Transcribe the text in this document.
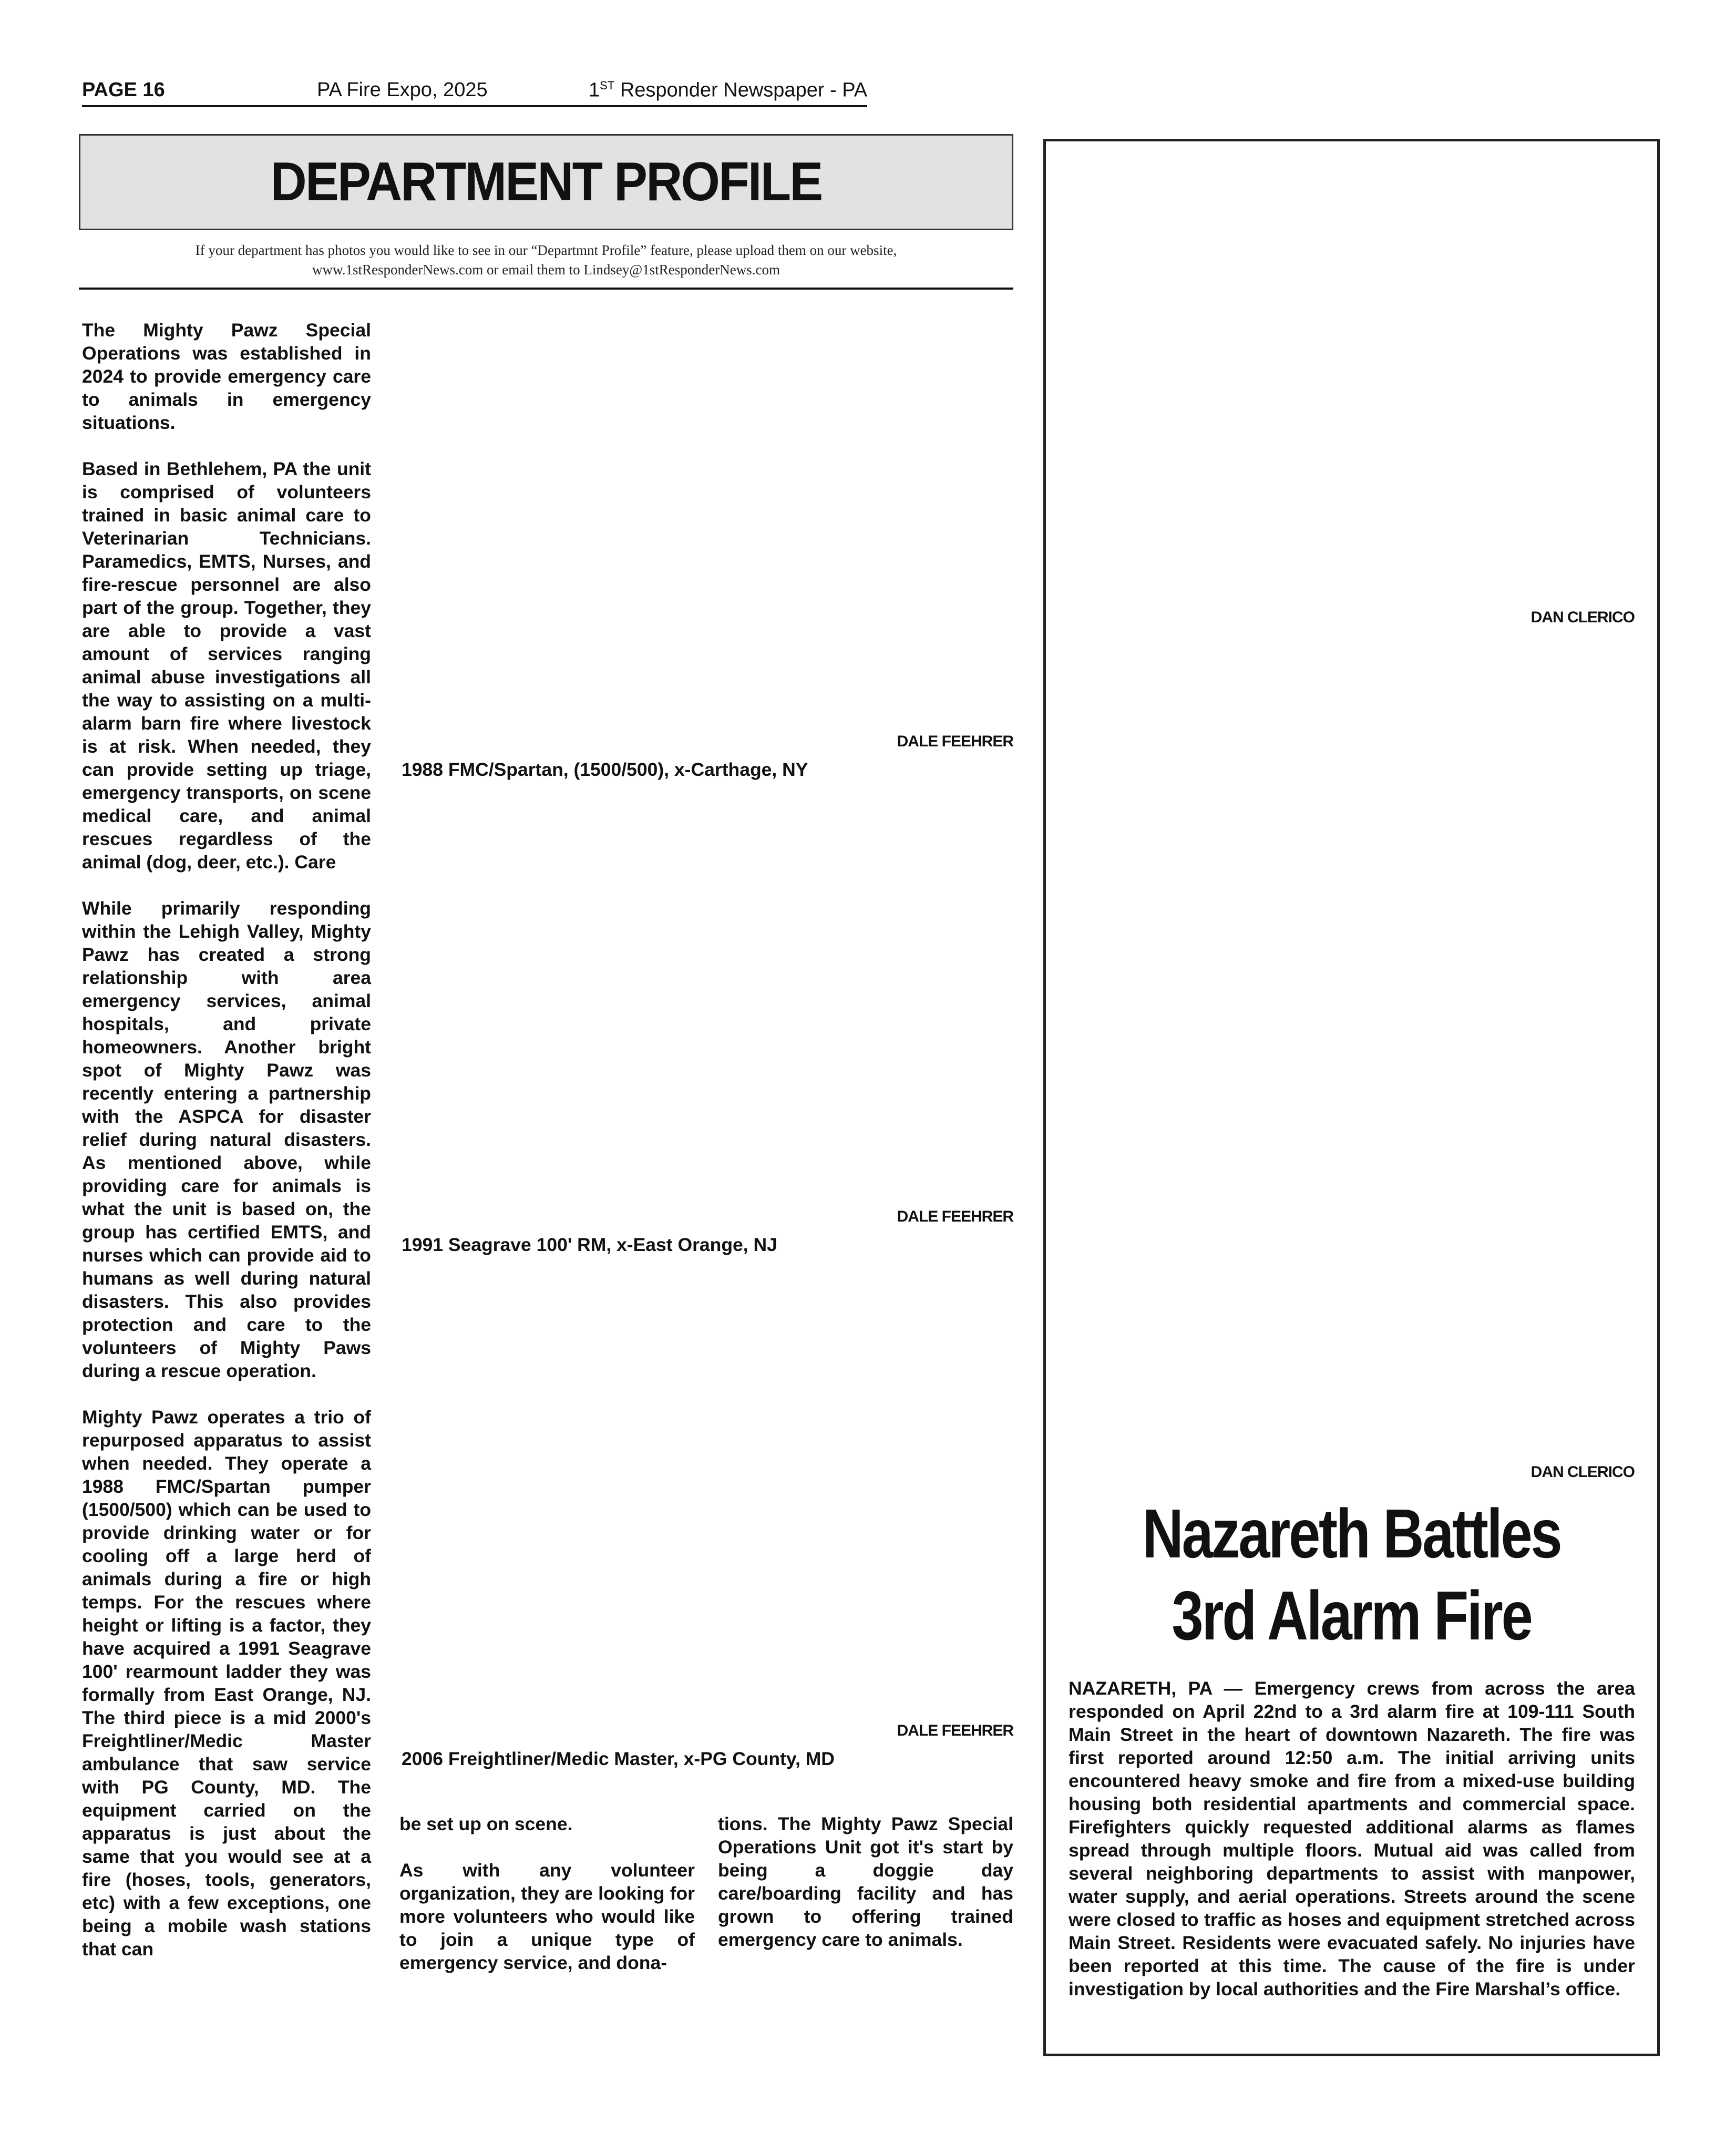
PAGE 16	PA Fire Expo, 2025	1ST Responder Newspaper - PA
DEPARTMENT PROFILE
If your department has photos you would like to see in our “Departmnt Profile” feature, please upload them on our website,
www.1stResponderNews.com or email them to Lindsey@1stResponderNews.com

The Mighty Pawz Special Operations was established in 2024 to provide emergency care to animals in emergency situations.

Based in Bethlehem, PA the unit is comprised of volunteers trained in basic animal care to Veterinarian Technicians. Paramedics, EMTS, Nurses, and fire-rescue personnel are also part of the group. Together, they are able to provide a vast amount of services ranging animal abuse investigations all the way to assisting on a multi-alarm barn fire where livestock is at risk. When needed, they can provide setting up triage, emergency transports, on scene medical care, and animal rescues regardless of the animal (dog, deer, etc.). Care

While primarily responding within the Lehigh Valley, Mighty Pawz has created a strong relationship with area emergency services, animal hospitals, and private homeowners. Another bright spot of Mighty Pawz was recently entering a partnership with the ASPCA for disaster relief during natural disasters. As mentioned above, while providing care for animals is what the unit is based on, the group has certified EMTS, and nurses which can provide aid to humans as well during natural disasters. This also provides protection and care to the volunteers of Mighty Paws during a rescue operation.

Mighty Pawz operates a trio of repurposed apparatus to assist when needed. They operate a 1988 FMC/Spartan pumper (1500/500) which can be used to provide drinking water or for cooling off a large herd of animals during a fire or high temps. For the rescues where height or lifting is a factor, they have acquired a 1991 Seagrave 100' rearmount ladder they was formally from East Orange, NJ. The third piece is a mid 2000's Freightliner/Medic Master ambulance that saw service with PG County, MD. The equipment carried on the apparatus is just about the same that you would see at a fire (hoses, tools, generators, etc) with a few exceptions, one being a mobile wash stations that can

DALE FEEHRER
1988 FMC/Spartan, (1500/500), x-Carthage, NY
DALE FEEHRER
1991 Seagrave 100' RM, x-East Orange, NJ
DALE FEEHRER
2006 Freightliner/Medic Master, x-PG County, MD

be set up on scene.

As with any volunteer organization, they are looking for more volunteers who would like to join a unique type of emergency service, and dona-

tions. The Mighty Pawz Special Operations Unit got it's start by being a doggie day care/boarding facility and has grown to offering trained emergency care to animals.

DAN CLERICO
DAN CLERICO
Nazareth Battles
3rd Alarm Fire

NAZARETH, PA — Emergency crews from across the area responded on April 22nd to a 3rd alarm fire at 109-111 South Main Street in the heart of downtown Nazareth. The fire was first reported around 12:50 a.m. The initial arriving units encountered heavy smoke and fire from a mixed-use building housing both residential apartments and commercial space. Firefighters quickly requested additional alarms as flames spread through multiple floors. Mutual aid was called from several neighboring departments to assist with manpower, water supply, and aerial operations. Streets around the scene were closed to traffic as hoses and equipment stretched across Main Street. Residents were evacuated safely. No injuries have been reported at this time. The cause of the fire is under investigation by local authorities and the Fire Marshal’s office.
